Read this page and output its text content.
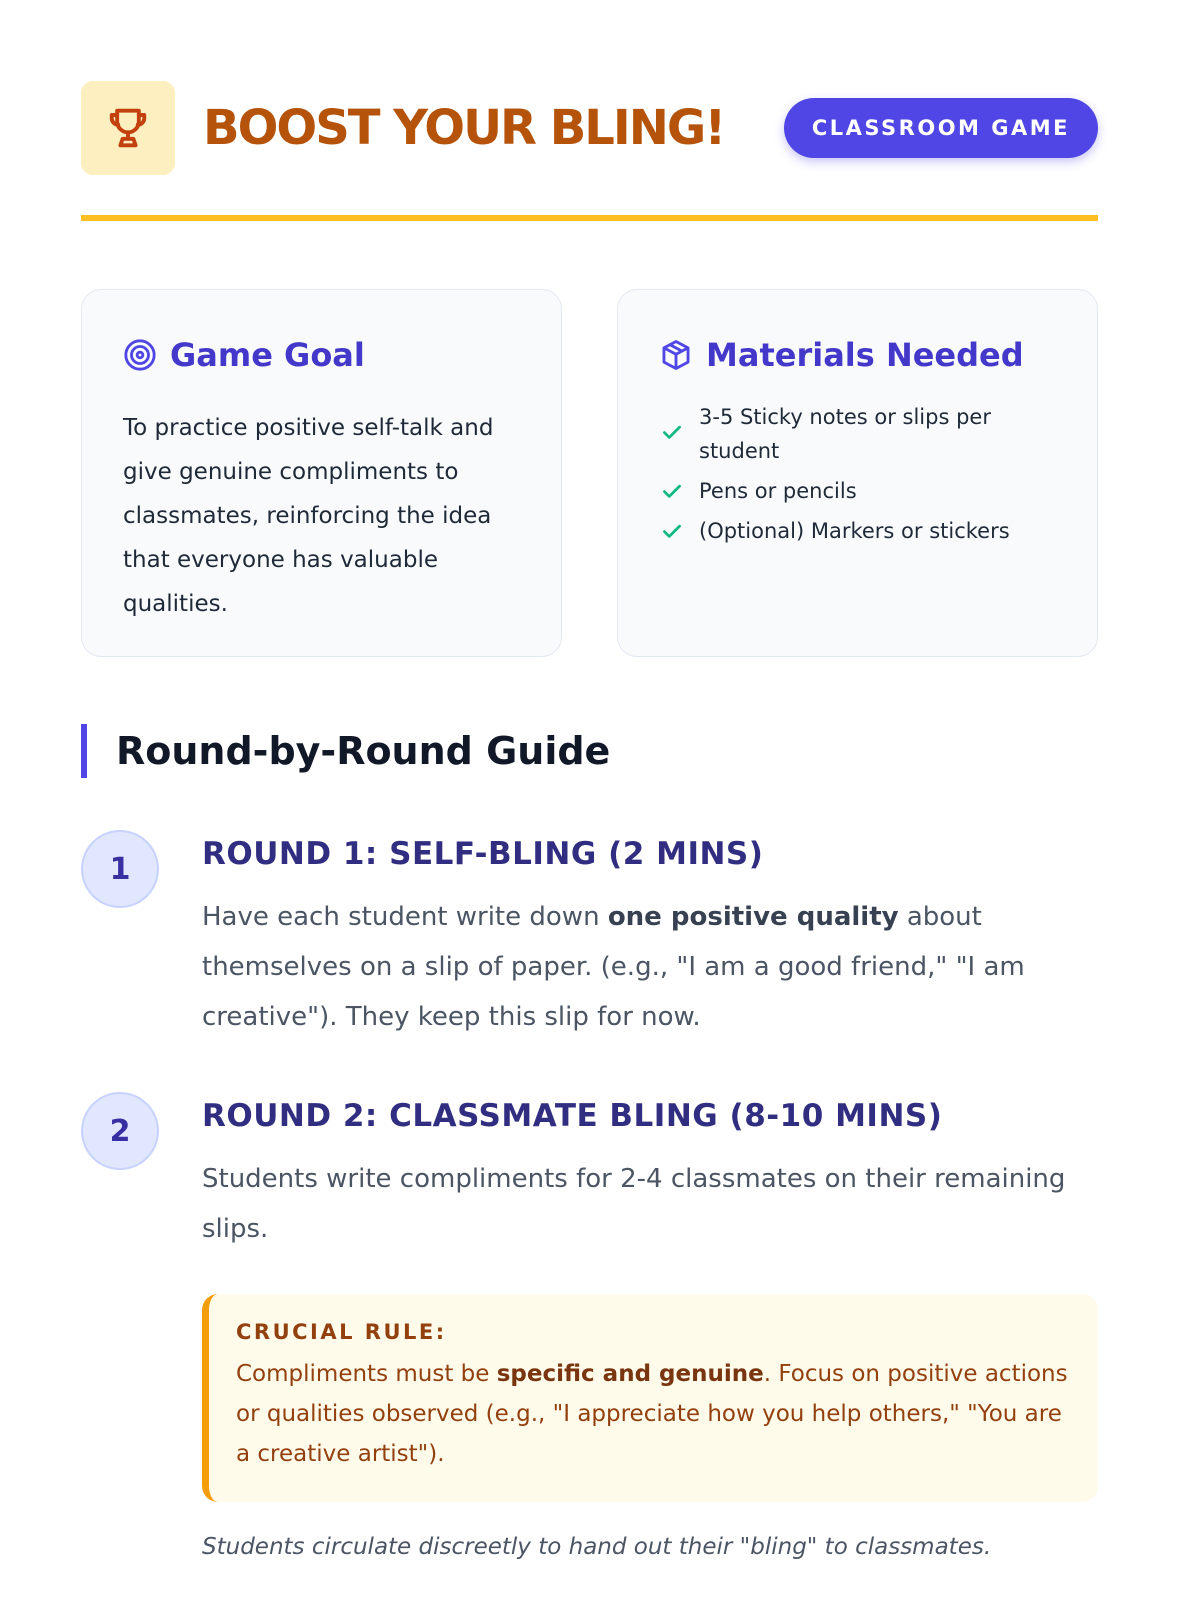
BOOST YOUR BLING!	CLASSROOM GAME
Game Goal

To practice positive self-talk and give genuine compliments to classmates, reinforcing the idea that everyone has valuable qualities.

Materials Needed
3-5 Sticky notes or slips per student
Pens or pencils
(Optional) Markers or stickers
Round-by-Round Guide
1	ROUND 1: SELF-BLING (2 MINS)

Have each student write down one positive quality about themselves on a slip of paper. (e.g., "I am a good friend," "I am creative"). They keep this slip for now.

2	ROUND 2: CLASSMATE BLING (8-10 MINS)

Students write compliments for 2-4 classmates on their remaining slips.

CRUCIAL RULE:

Compliments must be specific and genuine. Focus on positive actions or qualities observed (e.g., "I appreciate how you help others," "You are a creative artist").

Students circulate discreetly to hand out their "bling" to classmates.
